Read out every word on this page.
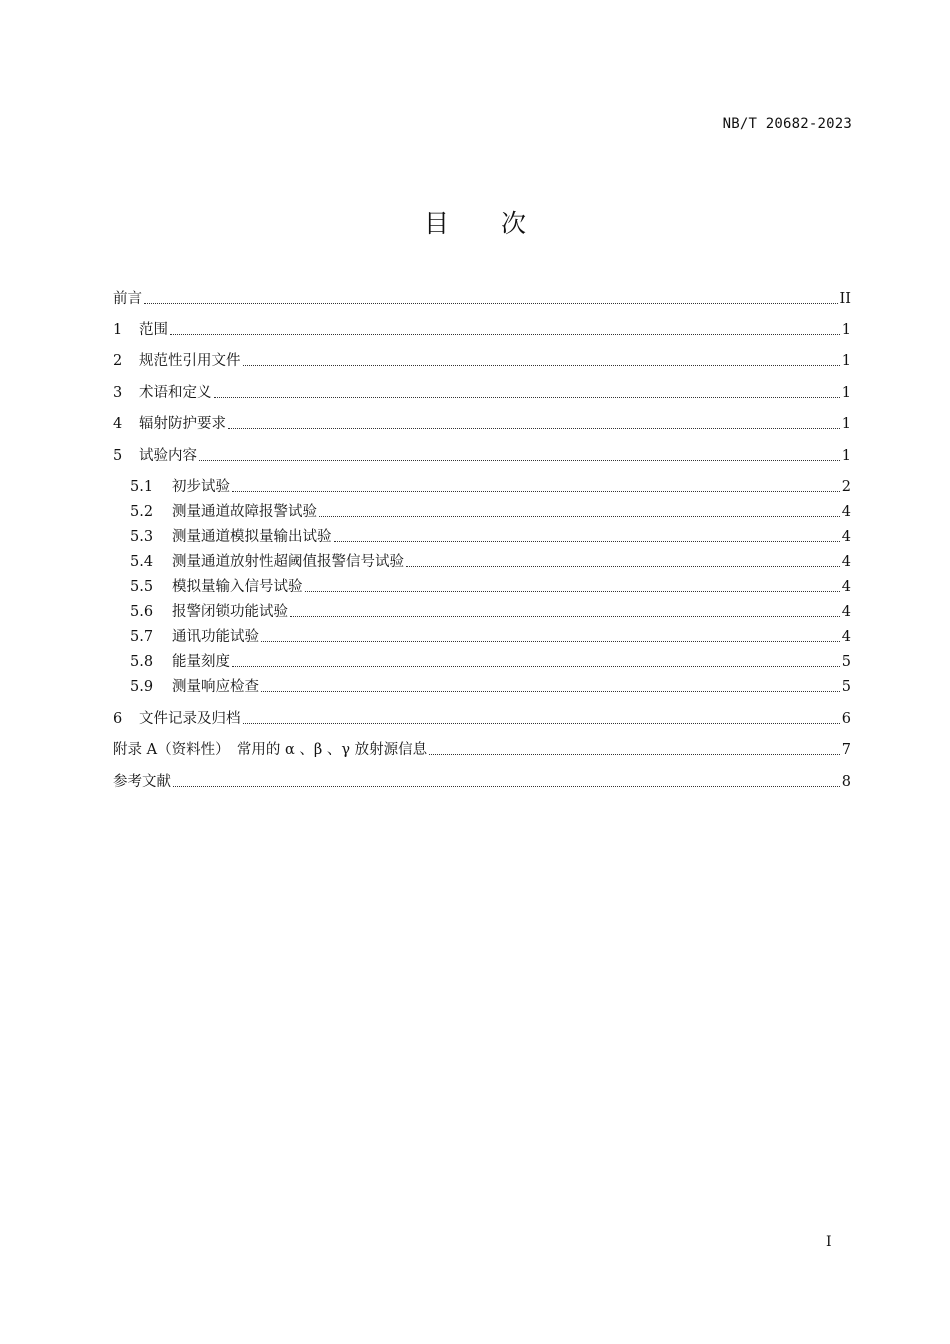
NB/T 20682-2023
目 次
前言	II
1	范围	1
2	规范性引用文件	1
3	术语和定义	1
4	辐射防护要求	1
5	试验内容	1
5.1	初步试验	2
5.2	测量通道故障报警试验	4
5.3	测量通道模拟量输出试验	4
5.4	测量通道放射性超阈值报警信号试验	4
5.5	模拟量输入信号试验	4
5.6	报警闭锁功能试验	4
5.7	通讯功能试验	4
5.8	能量刻度	5
5.9	测量响应检查	5
6	文件记录及归档	6
附录 A（资料性）　常用的 α 、β 、γ 放射源信息	7
参考文献	8
I
